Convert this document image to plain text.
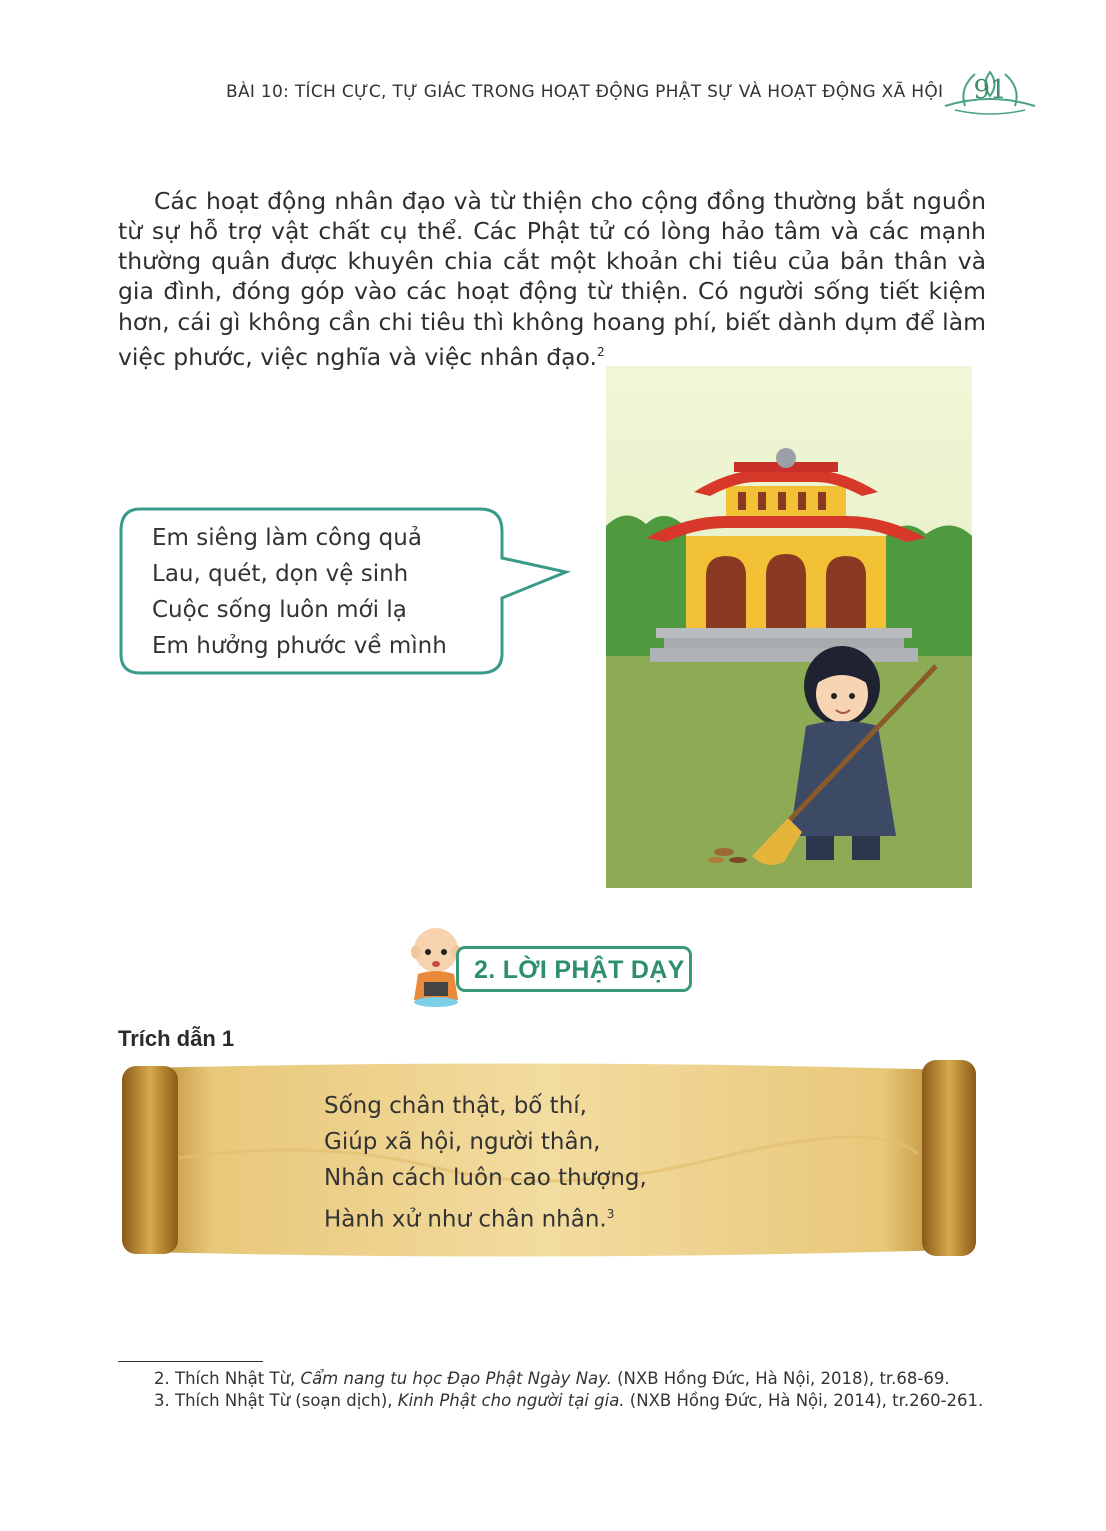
BÀI 10: TÍCH CỰC, TỰ GIÁC TRONG HOẠT ĐỘNG PHẬT SỰ VÀ HOẠT ĐỘNG XÃ HỘI 91

Các hoạt động nhân đạo và từ thiện cho cộng đồng thường bắt nguồn từ sự hỗ trợ vật chất cụ thể. Các Phật tử có lòng hảo tâm và các mạnh thường quân được khuyên chia cắt một khoản chi tiêu của bản thân và gia đình, đóng góp vào các hoạt động từ thiện. Có người sống tiết kiệm hơn, cái gì không cần chi tiêu thì không hoang phí, biết dành dụm để làm việc phước, việc nghĩa và việc nhân đạo.$^2$

Em siêng làm công quả
Lau, quét, dọn vệ sinh
Cuộc sống luôn mới lạ
Em hưởng phước về mình
2. LỜI PHẬT DẠY
Trích dẫn 1
Sống chân thật, bố thí,
Giúp xã hội, người thân,
Nhân cách luôn cao thượng,
Hành xử như chân nhân.$^3$
2. Thích Nhật Từ, Cẩm nang tu học Đạo Phật Ngày Nay. (NXB Hồng Đức, Hà Nội, 2018), tr.68-69.
3. Thích Nhật Từ (soạn dịch), Kinh Phật cho người tại gia. (NXB Hồng Đức, Hà Nội, 2014), tr.260-261.
